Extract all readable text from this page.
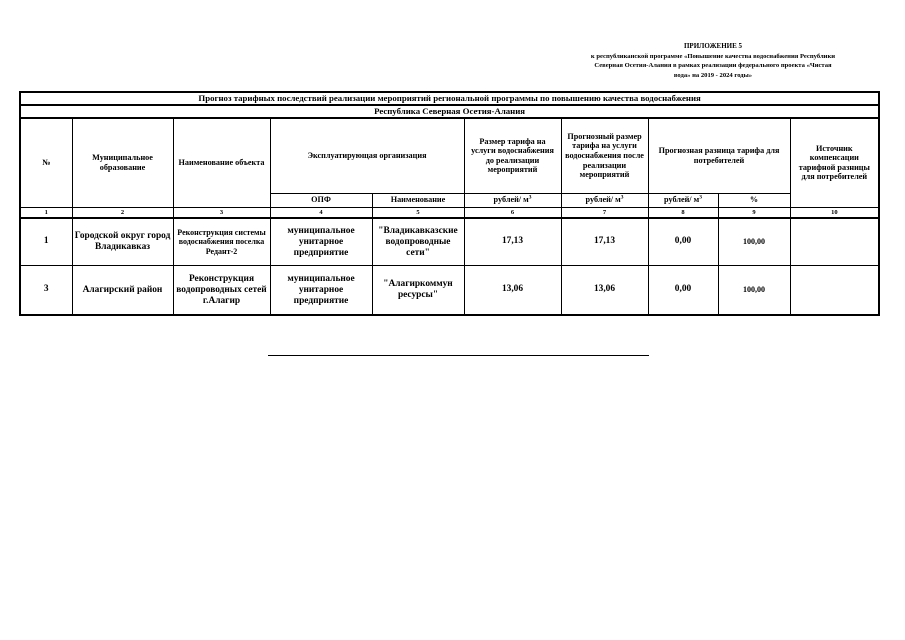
ПРИЛОЖЕНИЕ 5
к республиканской программе «Повышение качества водоснабжения Республики
Северная Осетия-Алания в рамках реализации федерального проекта «Чистая
вода» на 2019 - 2024 годы»
Прогноз тарифных последствий реализации мероприятий региональной программы по повышению качества водоснабжения									
Республика Северная Осетия-Алания									
№	Муниципальное образование	Наименование объекта	Эксплуатирующая организация		Размер тарифа на услуги водоснабжения до реализации мероприятий	Прогнозный размер тарифа на услуги водоснабжения после реализации мероприятий	Прогнозная разница тарифа для потребителей		Источник компенсации тарифной разницы для потребителей
			ОПФ	Наименование	рублей/ $м^3$	рублей/ $м^3$	рублей/ $м^3$	%	
1	2	3	4	5	6	7	8	9	10
1	Городской округ город Владикавказ	Реконструкция системы водоснабжения поселка Редант-2	муниципальное унитарное предприятие	"Владикавказские водопроводные сети"	17,13	17,13	0,00	100,00	
3	Алагирский район	Реконструкция водопроводных сетей г.Алагир	муниципальное унитарное предприятие	"Алагиркоммун ресурсы"	13,06	13,06	0,00	100,00	
